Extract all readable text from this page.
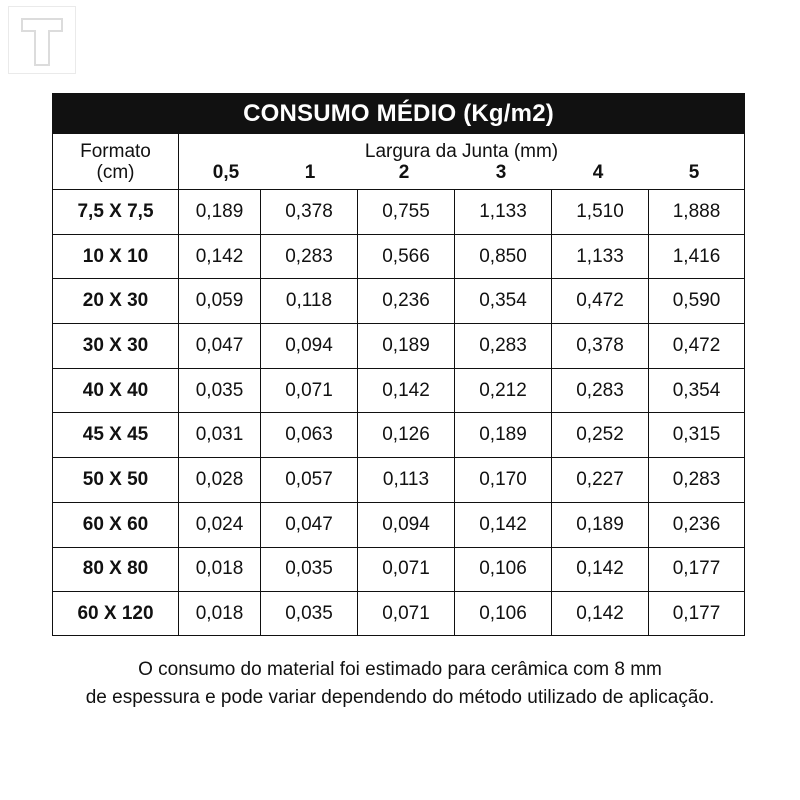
CONSUMO MÉDIO (Kg/m2)
Formato
(cm)
Largura da Junta (mm)
0,5	1	2	3	4	5
7,5 X 7,5	0,189	0,378	0,755	1,133	1,510	1,888
10 X 10	0,142	0,283	0,566	0,850	1,133	1,416
20 X 30	0,059	0,118	0,236	0,354	0,472	0,590
30 X 30	0,047	0,094	0,189	0,283	0,378	0,472
40 X 40	0,035	0,071	0,142	0,212	0,283	0,354
45 X 45	0,031	0,063	0,126	0,189	0,252	0,315
50 X 50	0,028	0,057	0,113	0,170	0,227	0,283
60 X 60	0,024	0,047	0,094	0,142	0,189	0,236
80 X 80	0,018	0,035	0,071	0,106	0,142	0,177
60 X 120	0,018	0,035	0,071	0,106	0,142	0,177
O consumo do material foi estimado para cerâmica com 8 mm
de espessura e pode variar dependendo do método utilizado de aplicação.
